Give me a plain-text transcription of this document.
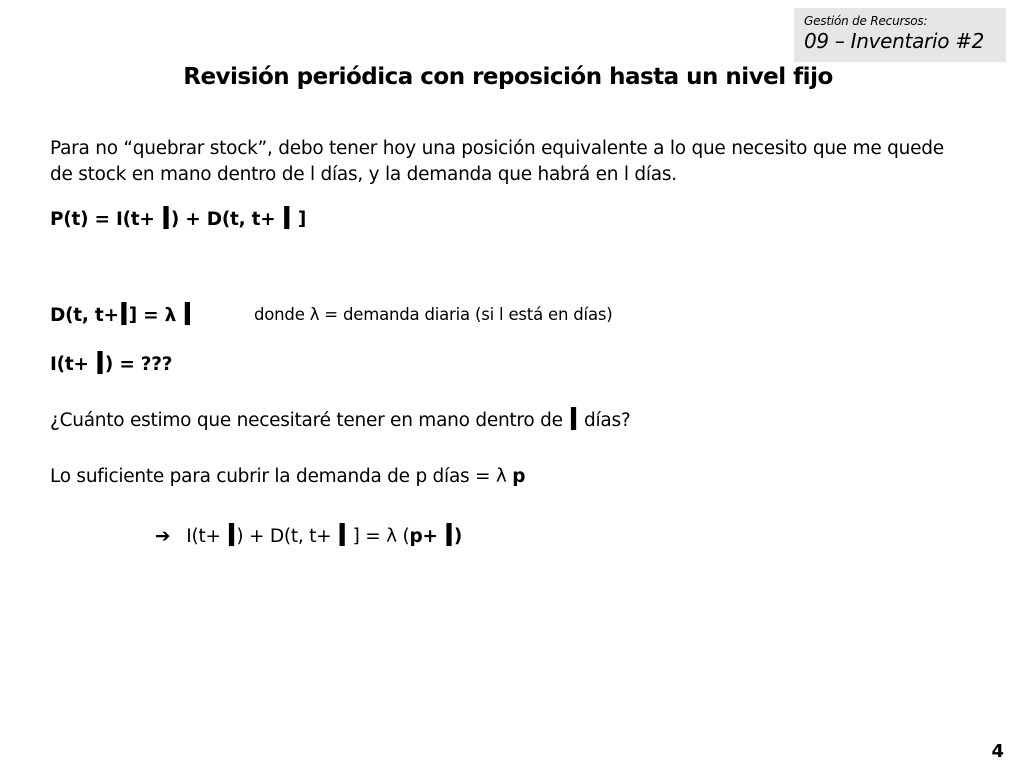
Gestión de Recursos:
09 – Inventario #2
Revisión periódica con reposición hasta un nivel fijo
Para no “quebrar stock”, debo tener hoy una posición equivalente a lo que necesito que me quede de stock en mano dentro de l días, y la demanda que habrá en l días.
P(t) = I(t+ l) + D(t, t+ l ]
D(t, t+l] = λ l	donde λ = demanda diaria (si l está en días)
I(t+ l) = ???
¿Cuánto estimo que necesitaré tener en mano dentro de l días?
Lo suficiente para cubrir la demanda de p días = λ p
➔ I(t+ l) + D(t, t+ l ] = λ (p+ l)
4
